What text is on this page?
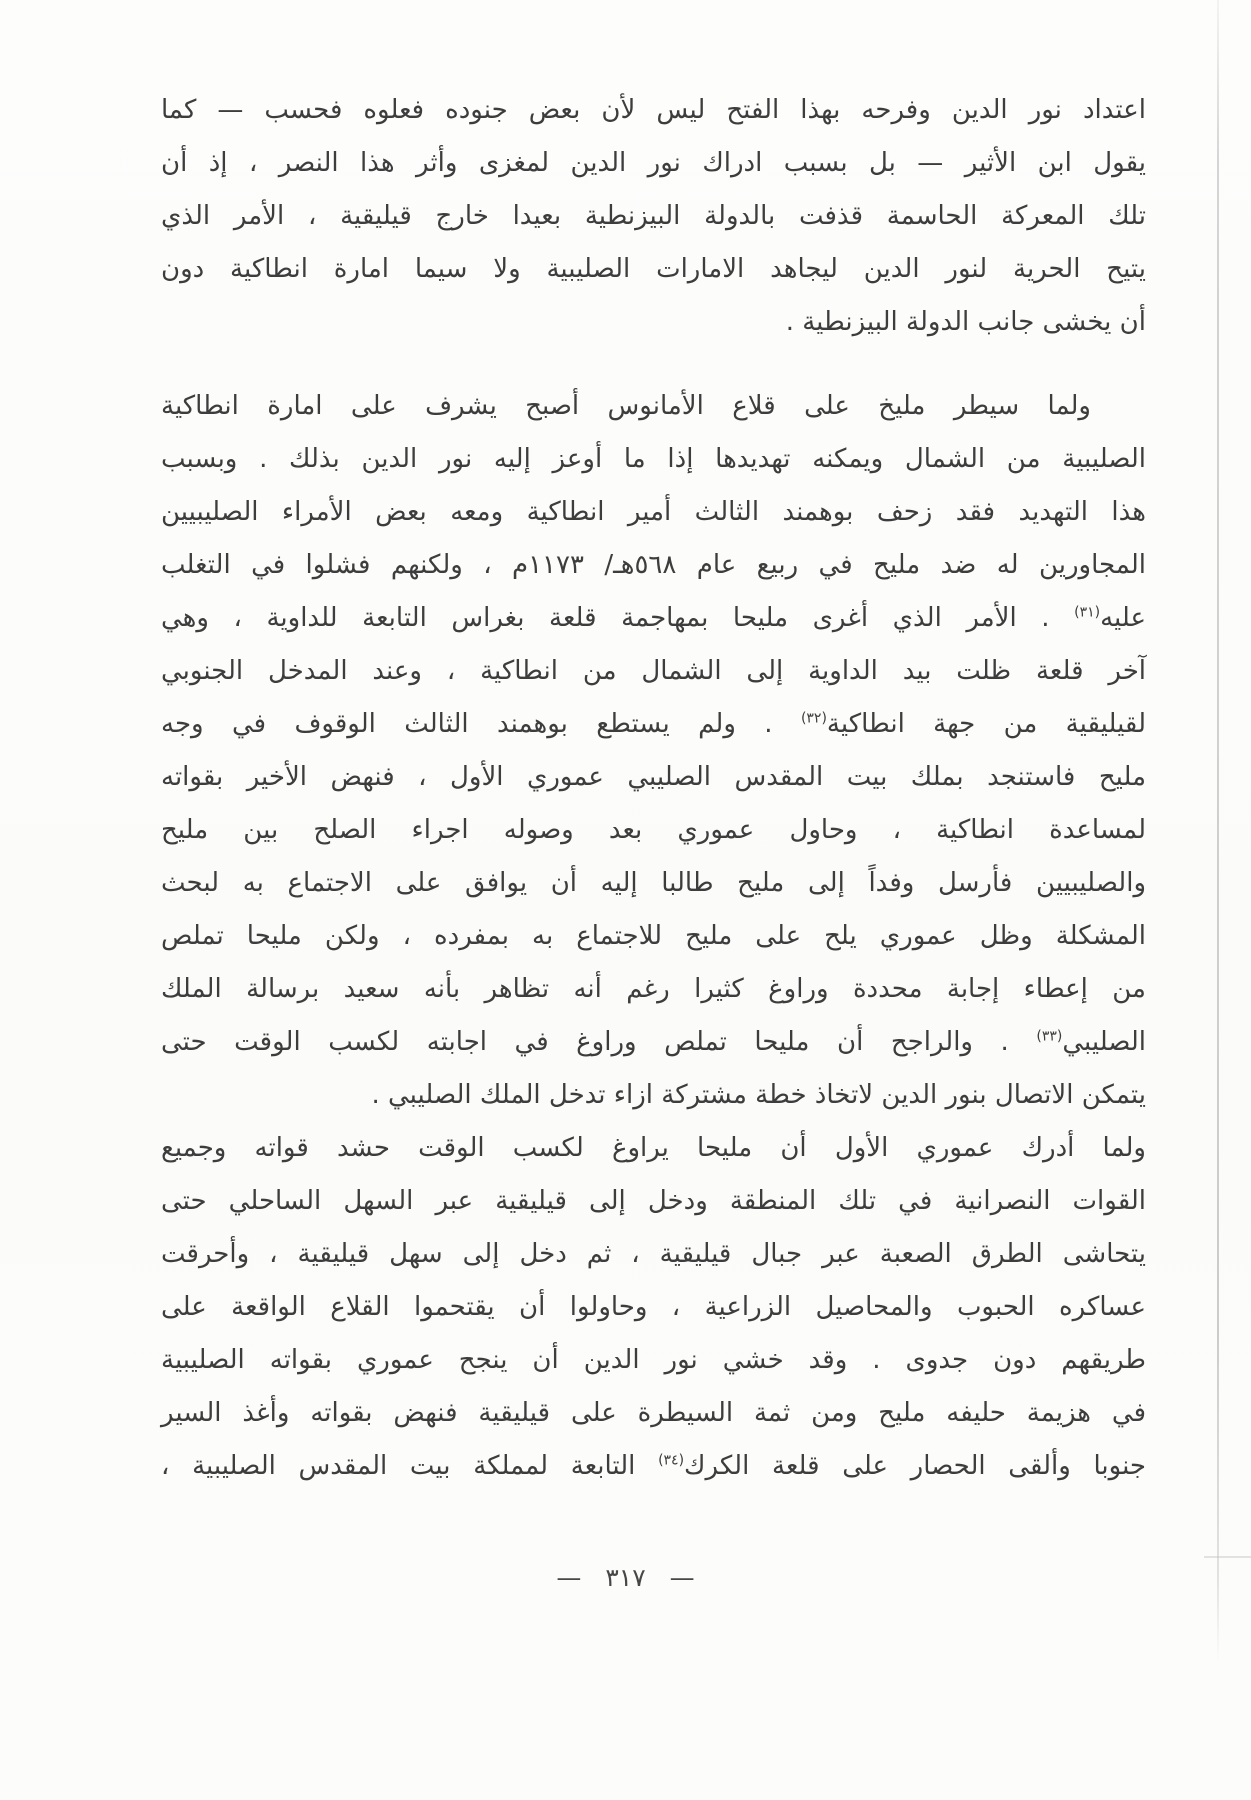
اعتداد نور الدين وفرحه بهذا الفتح ليس لأن بعض جنوده فعلوه فحسب — كما
يقول ابن الأثير — بل بسبب ادراك نور الدين لمغزى وأثر هذا النصر ، إذ أن
تلك المعركة الحاسمة قذفت بالدولة البيزنطية بعيدا خارج قيليقية ، الأمر الذي
يتيح الحرية لنور الدين ليجاهد الامارات الصليبية ولا سيما امارة انطاكية دون
أن يخشى جانب الدولة البيزنطية .
ولما سيطر مليخ على قلاع الأمانوس أصبح يشرف على امارة انطاكية
الصليبية من الشمال ويمكنه تهديدها إذا ما أوعز إليه نور الدين بذلك . وبسبب
هذا التهديد فقد زحف بوهمند الثالث أمير انطاكية ومعه بعض الأمراء الصليبيين
المجاورين له ضد مليح في ربيع عام ٥٦٨هـ/ ١١٧٣م ، ولكنهم فشلوا في التغلب
عليه$^{(٣١)}$ . الأمر الذي أغرى مليحا بمهاجمة قلعة بغراس التابعة للداوية ، وهي
آخر قلعة ظلت بيد الداوية إلى الشمال من انطاكية ، وعند المدخل الجنوبي
لقيليقية من جهة انطاكية$^{(٣٢)}$ . ولم يستطع بوهمند الثالث الوقوف في وجه
مليح فاستنجد بملك بيت المقدس الصليبي عموري الأول ، فنهض الأخير بقواته
لمساعدة انطاكية ، وحاول عموري بعد وصوله اجراء الصلح بين مليح
والصليبيين فأرسل وفداً إلى مليح طالبا إليه أن يوافق على الاجتماع به لبحث
المشكلة وظل عموري يلح على مليح للاجتماع به بمفرده ، ولكن مليحا تملص
من إعطاء إجابة محددة وراوغ كثيرا رغم أنه تظاهر بأنه سعيد برسالة الملك
الصليبي$^{(٣٣)}$ . والراجح أن مليحا تملص وراوغ في اجابته لكسب الوقت حتى
يتمكن الاتصال بنور الدين لاتخاذ خطة مشتركة ازاء تدخل الملك الصليبي .
ولما أدرك عموري الأول أن مليحا يراوغ لكسب الوقت حشد قواته وجميع
القوات النصرانية في تلك المنطقة ودخل إلى قيليقية عبر السهل الساحلي حتى
يتحاشى الطرق الصعبة عبر جبال قيليقية ، ثم دخل إلى سهل قيليقية ، وأحرقت
عساكره الحبوب والمحاصيل الزراعية ، وحاولوا أن يقتحموا القلاع الواقعة على
طريقهم دون جدوى . وقد خشي نور الدين أن ينجح عموري بقواته الصليبية
في هزيمة حليفه مليح ومن ثمة السيطرة على قيليقية فنهض بقواته وأغذ السير
جنوبا وألقى الحصار على قلعة الكرك$^{(٣٤)}$ التابعة لمملكة بيت المقدس الصليبية ،
— ٣١٧ —
